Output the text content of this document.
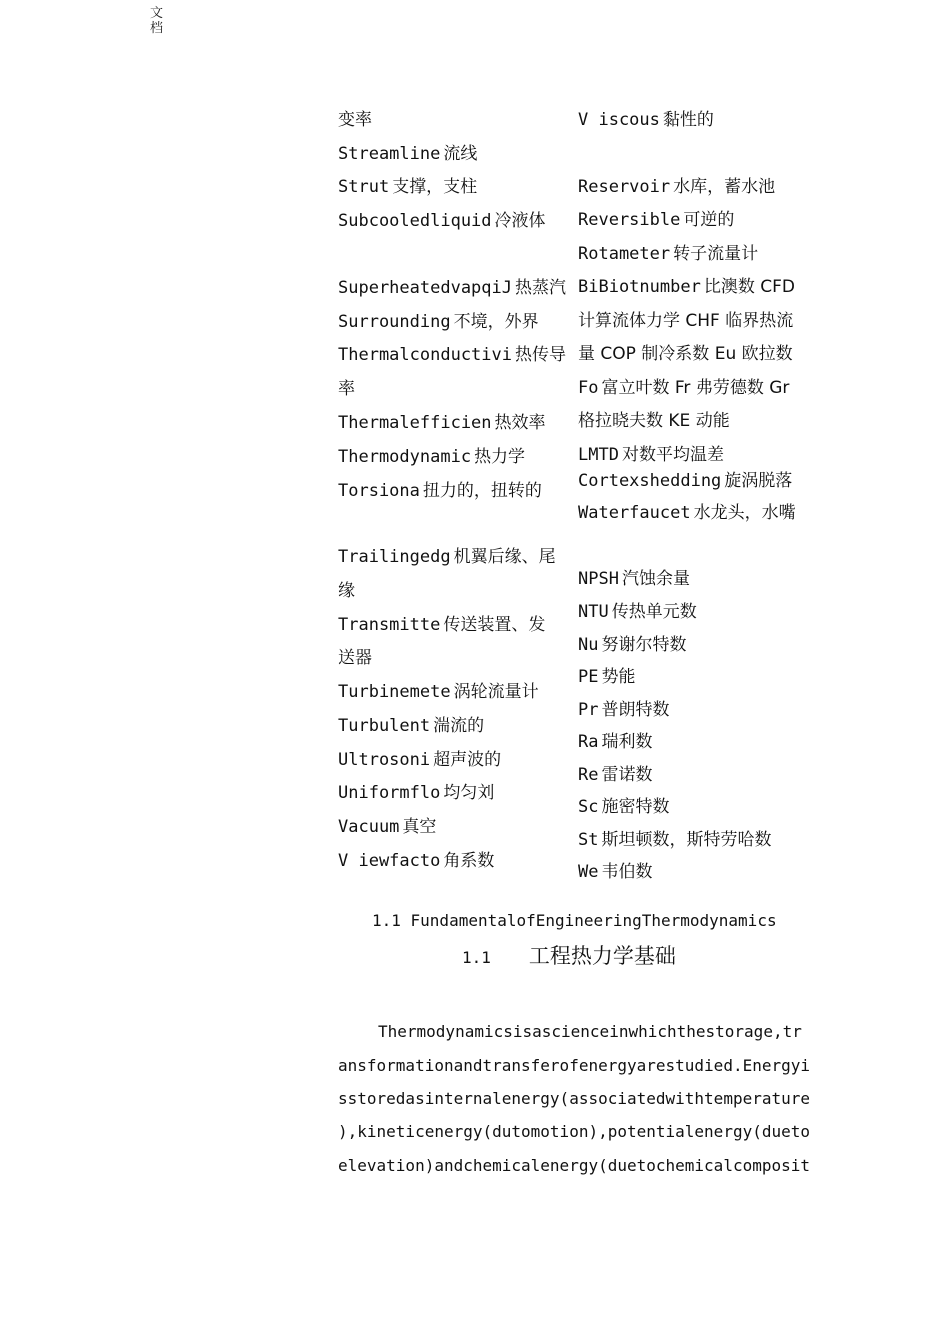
文档
变率
Streamline 流线
Strut 支撑，支柱
Subcooledliquid 冷液体
SuperheatedvapqiJ 热蒸汽
Surrounding 不境，外界
Thermalconductivi 热传导
率
Thermalefficien 热效率
Thermodynamic 热力学
Torsiona 扭力的，扭转的
Trailingedg 机翼后缘、尾
缘
Transmitte 传送装置、发
送器
Turbinemete 涡轮流量计
Turbulent 湍流的
Ultrosoni 超声波的
Uniformflo 均匀刘
Vacuum 真空
V iewfacto 角系数
V iscous 黏性的
Reservoir 水库，蓄水池
Reversible 可逆的
Rotameter 转子流量计
BiBiotnumber 比澳数 CFD
计算流体力学 CHF 临界热流
量 COP 制冷系数 Eu 欧拉数
Fo 富立叶数 Fr 弗劳德数 Gr
格拉晓夫数 KE 动能
LMTD 对数平均温差
Cortexshedding 旋涡脱落
Waterfaucet 水龙头，水嘴
NPSH 汽蚀余量
NTU 传热单元数
Nu 努谢尔特数
PE 势能
Pr 普朗特数
Ra 瑞利数
Re 雷诺数
Sc 施密特数
St 斯坦顿数，斯特劳哈数
We 韦伯数
1.1 FundamentalofEngineeringThermodynamics
1.1 工程热力学基础
Thermodynamicsisascienceinwhichthestorage,tr
ansformationandtransferofenergyarestudied.Energyi
sstoredasinternalenergy(associatedwithtemperature
),kineticenergy(dutomotion),potentialenergy(dueto
elevation)andchemicalenergy(duetochemicalcomposit
